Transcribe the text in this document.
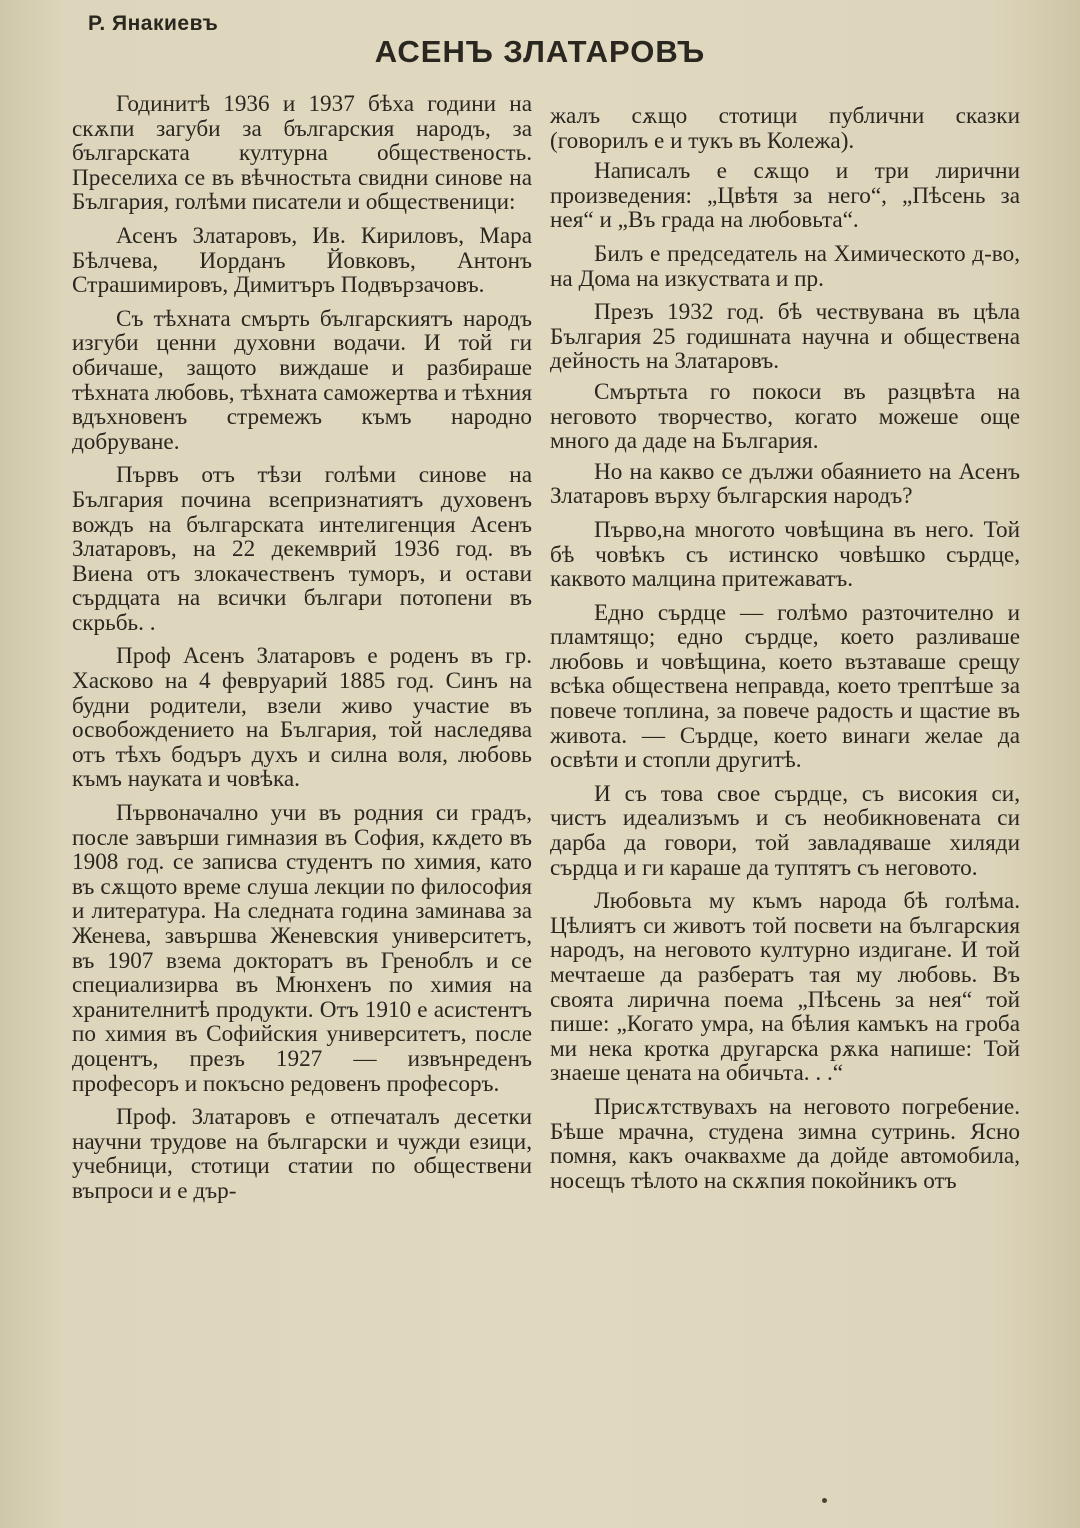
Р. Янакиевъ
АСЕНЪ ЗЛАТАРОВЪ

Годинитѣ 1936 и 1937 бѣха години на скѫпи загуби за българския народъ, за българската културна общественость. Преселиха се въ вѣчностьта свидни синове на България, голѣми писатели и общественици:

Асенъ Златаровъ, Ив. Кириловъ, Мара Бѣлчева, Иорданъ Йовковъ, Антонъ Страшимировъ, Димитъръ Подвързачовъ.

Съ тѣхната смърть българскиятъ народъ изгуби ценни духовни водачи. И той ги обичаше, защото виждаше и разбираше тѣхната любовь, тѣхната саможертва и тѣхния вдъхновенъ стремежъ къмъ народно добруване.

Първъ отъ тѣзи голѣми синове на България почина всепризнатиятъ духовенъ вождъ на българската интелигенция Асенъ Златаровъ, на 22 декемврий 1936 год. въ Виена отъ злокачественъ туморъ, и остави сърдцата на всички българи потопени въ скрьбь. .

Проф Асенъ Златаровъ е роденъ въ гр. Хасково на 4 февруарий 1885 год. Синъ на будни родители, взели живо участие въ освобождението на България, той наследява отъ тѣхъ бодъръ духъ и силна воля, любовь къмъ науката и човѣка.

Първоначално учи въ родния си градъ, после завърши гимназия въ София, кѫдето въ 1908 год. се записва студентъ по химия, като въ сѫщото време слуша лекции по философия и литература. На следната година заминава за Женева, завършва Женевския университетъ, въ 1907 взема докторатъ въ Греноблъ и се специализирва въ Мюнхенъ по химия на хранителнитѣ продукти. Отъ 1910 е асистентъ по химия въ Софийския университетъ, после доцентъ, презъ 1927 — извънреденъ професоръ и покъсно редовенъ професоръ.

Проф. Златаровъ е отпечаталъ десетки научни трудове на български и чужди езици, учебници, стотици статии по обществени въпроси и е дър-

жалъ сѫщо стотици публични сказки (говорилъ е и тукъ въ Колежа).

Написалъ е сѫщо и три лирични произведения: „Цвѣтя за него“, „Пѣсень за нея“ и „Въ града на любовьта“.

Билъ е председатель на Химическото д-во, на Дома на изкуствата и пр.

Презъ 1932 год. бѣ чествувана въ цѣла България 25 годишната научна и обществена дейность на Златаровъ.

Смъртьта го покоси въ разцвѣта на неговото творчество, когато можеше още много да даде на България.

Но на какво се дължи обаянието на Асенъ Златаровъ върху българския народъ?

Първо,на многото човѣщина въ него. Той бѣ човѣкъ съ истинско човѣшко сърдце, каквото малцина притежаватъ.

Едно сърдце — голѣмо разточително и пламтящо; едно сърдце, което разливаше любовь и човѣщина, което възтаваше срещу всѣка обществена неправда, което трептѣше за повече топлина, за повече радость и щастие въ живота. — Сърдце, което винаги желае да освѣти и стопли другитѣ.

И съ това свое сърдце, съ високия си, чистъ идеализъмъ и съ необикновената си дарба да говори, той завладяваше хиляди сърдца и ги караше да туптятъ съ неговото.

Любовьта му къмъ народа бѣ голѣма. Цѣлиятъ си животъ той посвети на българския народъ, на неговото културно издигане. И той мечтаеше да разбератъ тая му любовь. Въ своята лирична поема „Пѣсень за нея“ той пише: „Когато умра, на бѣлия камъкъ на гроба ми нека кротка другарска рѫка напише: Той знаеше цената на обичьта. . .“

Присѫтствувахъ на неговото погребение. Бѣше мрачна, студена зимна сутринь. Ясно помня, какъ очаквахме да дойде автомобила, носещъ тѣлото на скѫпия покойникъ отъ
